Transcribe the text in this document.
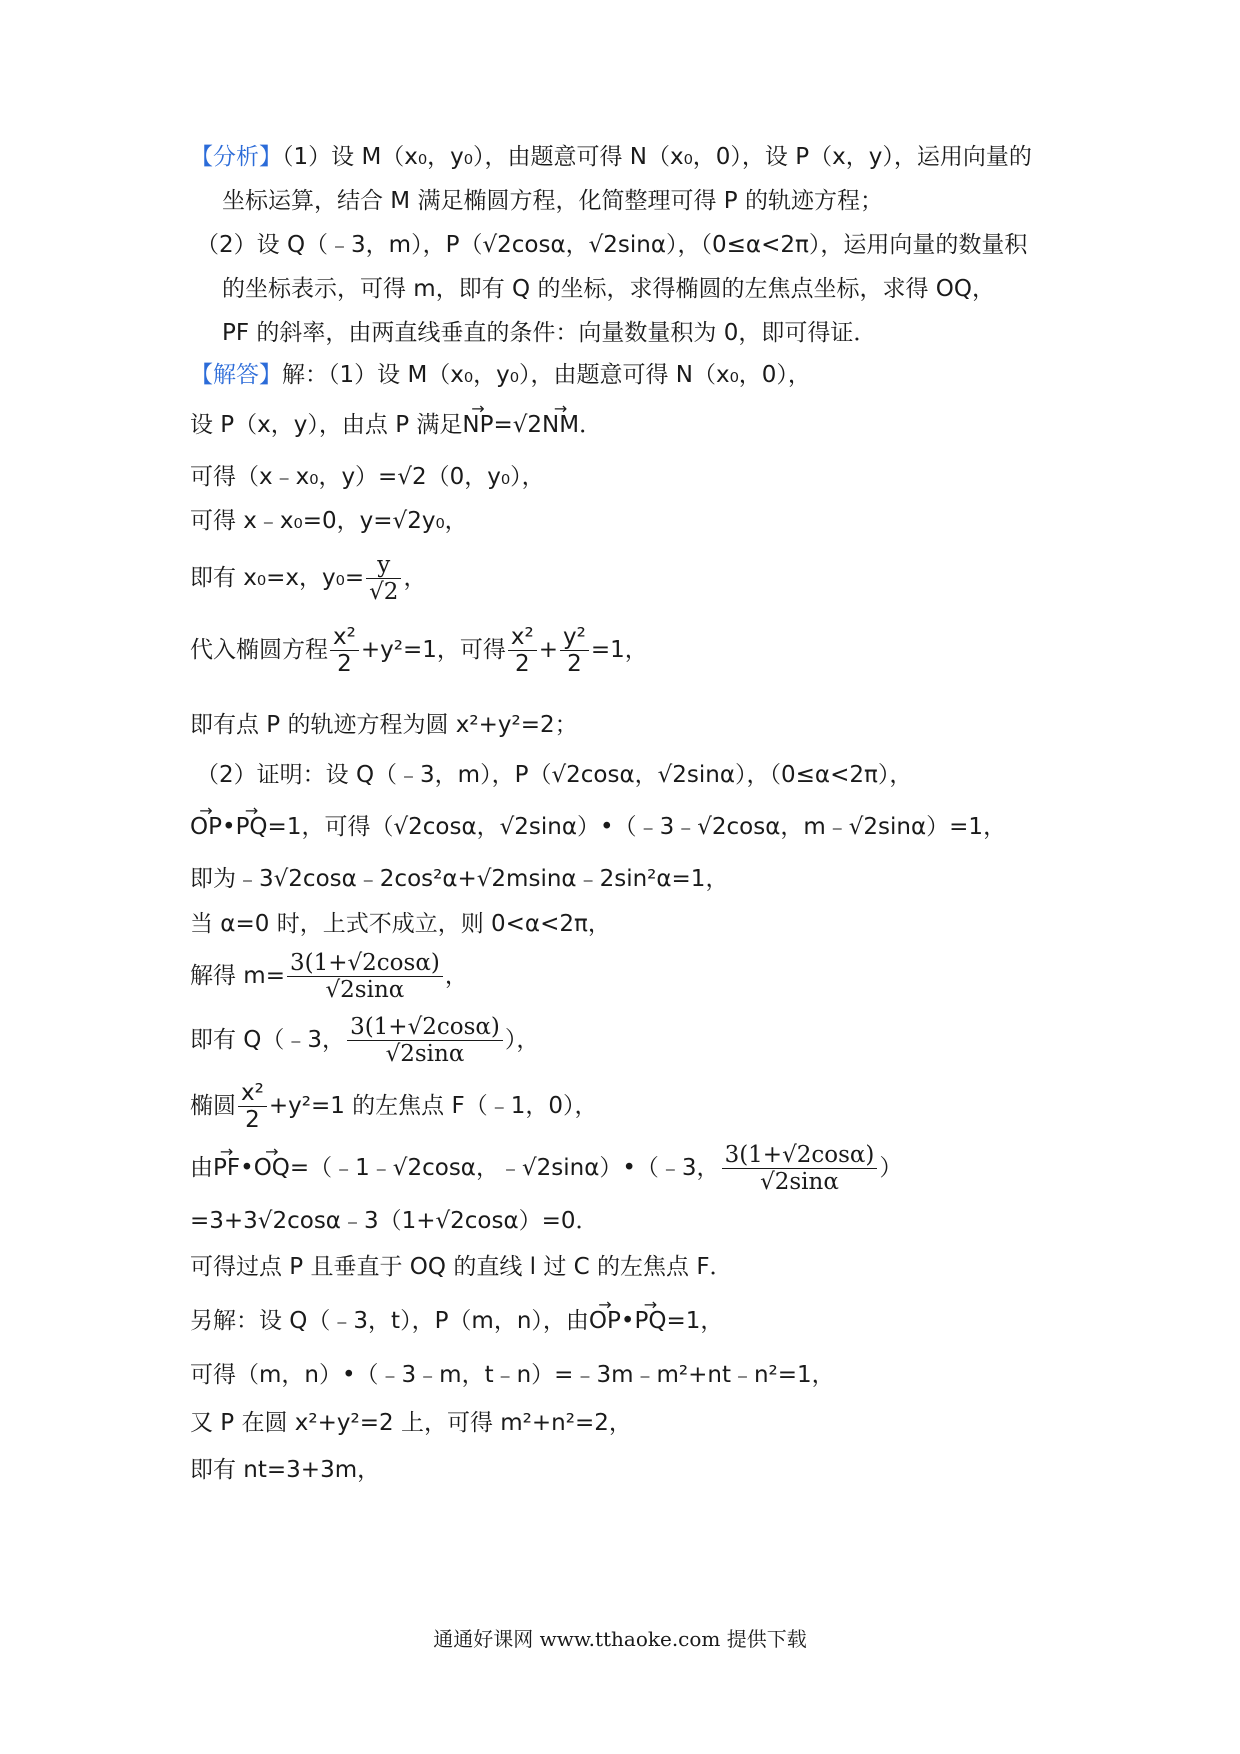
【分析】（1）设 M（x₀，y₀），由题意可得 N（x₀，0），设 P（x，y），运用向量的
坐标运算，结合 M 满足椭圆方程，化简整理可得 P 的轨迹方程；
（2）设 Q（﹣3，m），P（√2cosα，√2sinα），（0≤α<2π），运用向量的数量积
的坐标表示，可得 m，即有 Q 的坐标，求得椭圆的左焦点坐标，求得 OQ，
PF 的斜率，由两直线垂直的条件：向量数量积为 0，即可得证．
【解答】解：（1）设 M（x₀，y₀），由题意可得 N（x₀，0），
设 P（x，y），由点 P 满足→ NP=√2→ NM．
可得（x﹣x₀，y）=√2（0，y₀），
可得 x﹣x₀=0，y=√2y₀，
即有 x₀=x，$y_0= \frac{y}{√2}$ ，
代入椭圆方程 $\frac{\text{x²}}{2} +y^2=1$，可得 $\frac{\text{x²}}{2} + \frac{\text{y²}}{2} =1$，
即有点 P 的轨迹方程为圆 x²+y²=2；
（2）证明：设 Q（﹣3，m），P（√2cosα，√2sinα），（0≤α<2π），
→ OP•→ PQ=1，可得（√2cosα，√2sinα）•（﹣3﹣√2cosα，m﹣√2sinα）=1，
即为﹣3√2cosα﹣2cos²α+√2msinα﹣2sin²α=1，
当 α=0 时，上式不成立，则 0<α<2π，
解得 $m= \frac{3(1+√2\cos\alpha)}{√2\sin\alpha}$ ，
即有 Q（﹣3， $\frac{3(1+√2\cos\alpha)}{√2\sin\alpha}$ ），
椭圆 $\frac{\text{x²}}{2} +y^2=1$ 的左焦点 F（﹣1，0），
由→ PF•→ OQ=（﹣1﹣√2cosα，﹣√2sinα）•（﹣3， $\frac{3(1+√2\cos\alpha)}{√2\sin\alpha}$ ）
=3+3√2cosα﹣3（1+√2cosα）=0．
可得过点 P 且垂直于 OQ 的直线 l 过 C 的左焦点 F．
另解：设 Q（﹣3，t），P（m，n），由→ OP•→ PQ=1，
可得（m，n）•（﹣3﹣m，t﹣n）=﹣3m﹣m²+nt﹣n²=1，
又 P 在圆 x²+y²=2 上，可得 m²+n²=2，
即有 nt=3+3m，
通通好课网 www.tthaoke.com 提供下载
